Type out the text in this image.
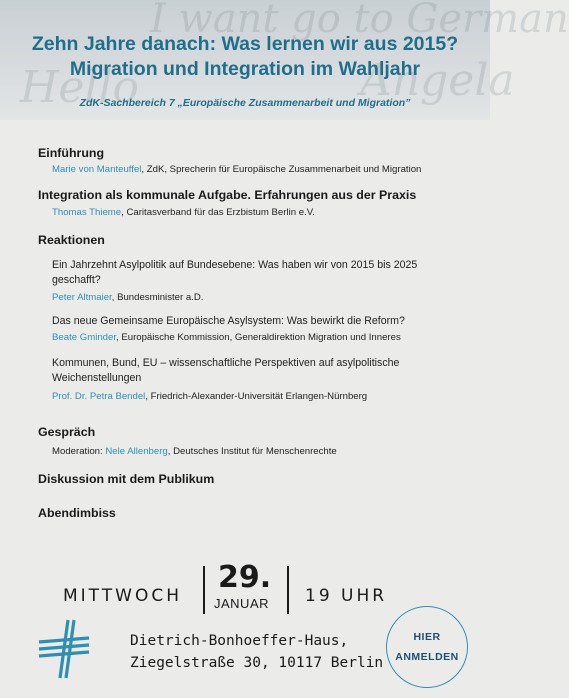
I want go to German
Hello	Angela
Zehn Jahre danach: Was lernen wir aus 2015?
Migration und Integration im Wahljahr
ZdK-Sachbereich 7 „Europäische Zusammenarbeit und Migration”
Einführung
Marie von Manteuffel, ZdK, Sprecherin für Europäische Zusammenarbeit und Migration
Integration als kommunale Aufgabe. Erfahrungen aus der Praxis
Thomas Thieme, Caritasverband für das Erzbistum Berlin e.V.
Reaktionen
Ein Jahrzehnt Asylpolitik auf Bundesebene: Was haben wir von 2015 bis 2025
geschafft?
Peter Altmaier, Bundesminister a.D.
Das neue Gemeinsame Europäische Asylsystem: Was bewirkt die Reform?
Beate Gminder, Europäische Kommission, Generaldirektion Migration und Inneres
Kommunen, Bund, EU – wissenschaftliche Perspektiven auf asylpolitische
Weichenstellungen
Prof. Dr. Petra Bendel, Friedrich-Alexander-Universität Erlangen-Nürnberg
Gespräch
Moderation: Nele Allenberg, Deutsches Institut für Menschenrechte
Diskussion mit dem Publikum
Abendimbiss
MITTWOCH
29.
JANUAR 19 UHR
Dietrich-Bonhoeffer-Haus,
Ziegelstraße 30, 10117 Berlin
HIER
ANMELDEN
